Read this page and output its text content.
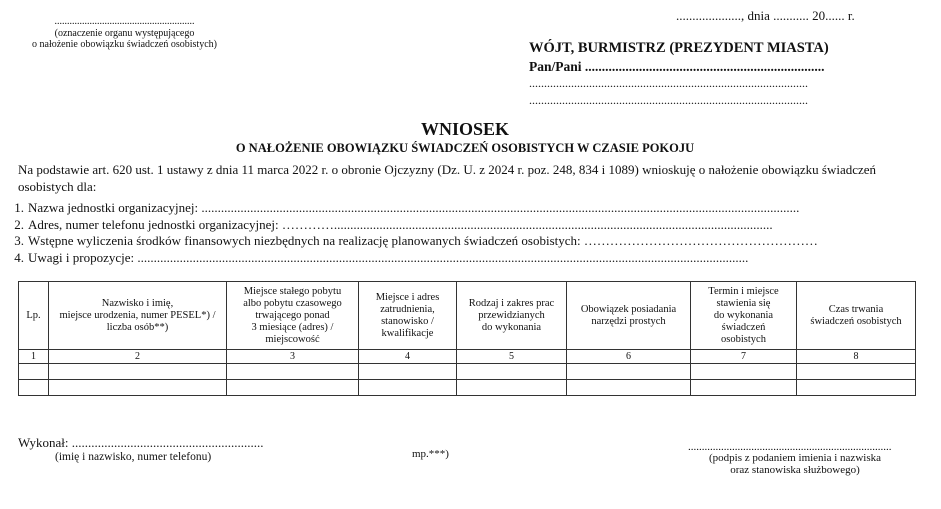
........................................................
(oznaczenie organu występującego
o nałożenie obowiązku świadczeń osobistych)
...................., dnia ........... 20...... r.
WÓJT, BURMISTRZ (PREZYDENT MIASTA)
Pan/Pani .......................................................................
.............................................................................................
.............................................................................................
WNIOSEK
O NAŁOŻENIE OBOWIĄZKU ŚWIADCZEŃ OSOBISTYCH W CZASIE POKOJU
Na podstawie art. 620 ust. 1 ustawy z dnia 11 marca 2022 r. o obronie Ojczyzny (Dz. U. z 2024 r. poz. 248, 834 i 1089) wnioskuję o nałożenie obowiązku świadczeń
osobistych dla:
1. Nazwa jednostki organizacyjnej: ........................................................................................................................................................................................
2. Adres, numer telefonu jednostki organizacyjnej: ………….......................................................................................................................................
3. Wstępne wyliczenia środków finansowych niezbędnych na realizację planowanych świadczeń osobistych: ………………………………………………
4. Uwagi i propozycje: ............................................................................................................................................................................................
Lp.	Nazwisko i imię,
miejsce urodzenia, numer PESEL*) /
liczba osób**)	Miejsce stałego pobytu
albo pobytu czasowego
trwającego ponad
3 miesiące (adres) /
miejscowość	Miejsce i adres
zatrudnienia,
stanowisko /
kwalifikacje	Rodzaj i zakres prac
przewidzianych
do wykonania	Obowiązek posiadania
narzędzi prostych	Termin i miejsce
stawienia się
do wykonania
świadczeń
osobistych	Czas trwania
świadczeń osobistych
1	2	3	4	5	6	7	8

Wykonał: ...........................................................
(imię i nazwisko, numer telefonu)	mp.***)
..........................................................................
(podpis z podaniem imienia i nazwiska
oraz stanowiska służbowego)
